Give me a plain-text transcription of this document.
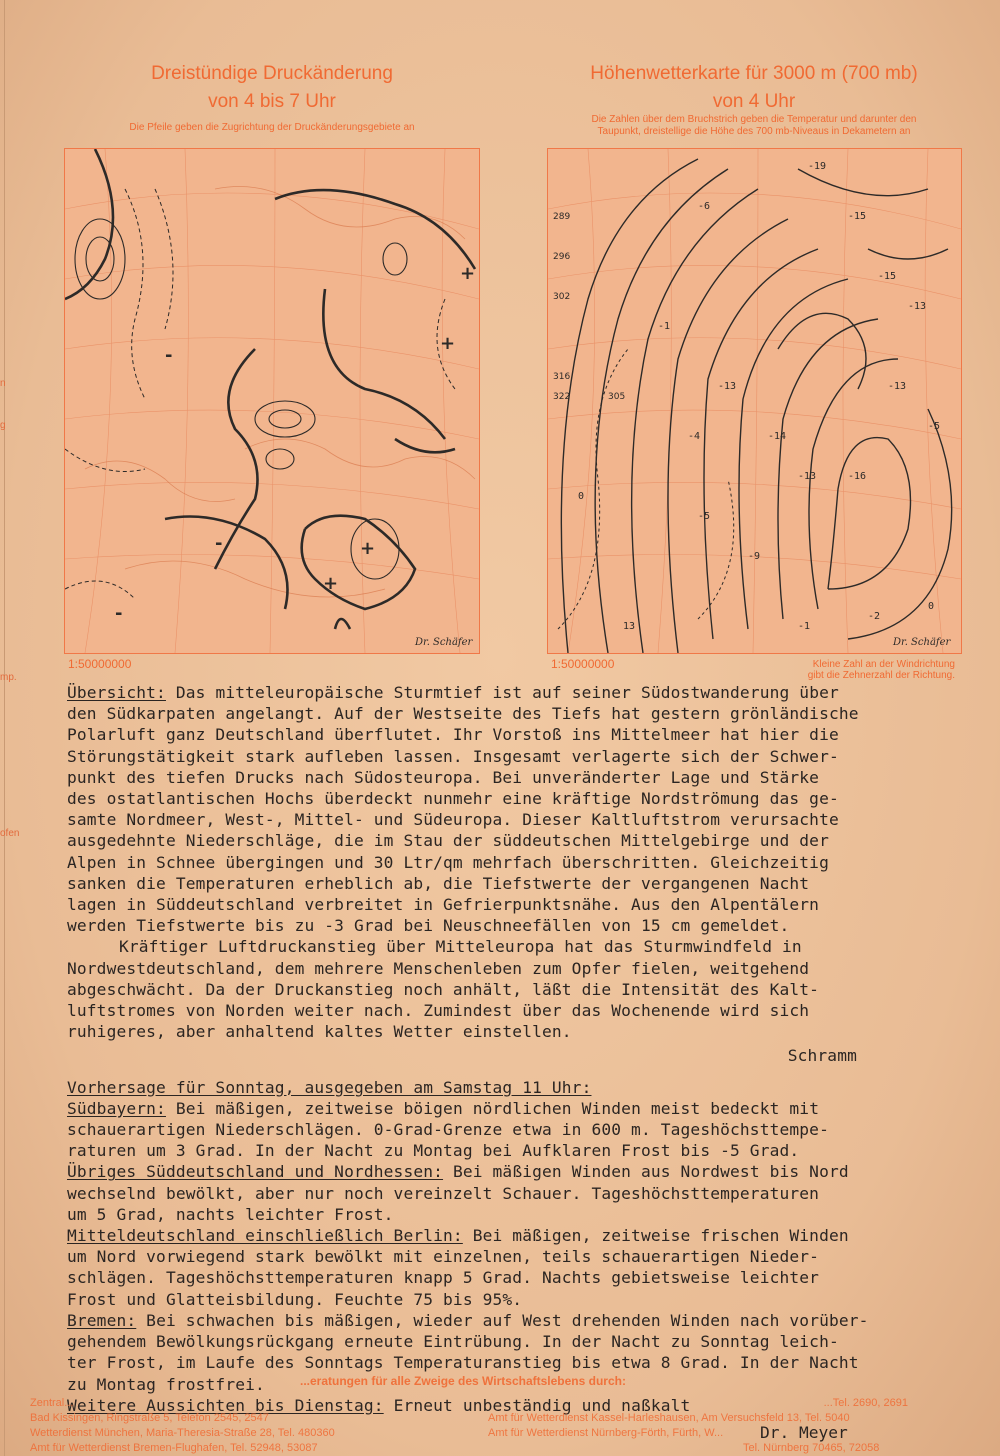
n
g
mp.
ofen
Dreistündige Druckänderung
von 4 bis 7 Uhr
Die Pfeile geben die Zugrichtung der Druckänderungsgebiete an
+
-
-
+
+
-
+
Dr. Schäfer
1:50000000
Höhenwetterkarte für 3000 m (700 mb)
von 4 Uhr
Die Zahlen über dem Bruchstrich geben die Temperatur und darunter den
Taupunkt, dreistellige die Höhe des 700 mb-Niveaus in Dekametern an
-19
-15
-15
-13
-6
-1
-13
-14
-13	-16
-13
-5
-5
-9
-1
-2
0
0
13
-4
289
296
302
316
322	305
Dr. Schäfer
1:50000000	Kleine Zahl an der Windrichtung
gibt die Zehnerzahl der Richtung.
Übersicht: Das mitteleuropäische Sturmtief ist auf seiner Südostwanderung über
den Südkarpaten angelangt. Auf der Westseite des Tiefs hat gestern grönländische
Polarluft ganz Deutschland überflutet. Ihr Vorstoß ins Mittelmeer hat hier die
Störungstätigkeit stark aufleben lassen. Insgesamt verlagerte sich der Schwer-
punkt des tiefen Drucks nach Südosteuropa. Bei unveränderter Lage und Stärke
des ostatlantischen Hochs überdeckt nunmehr eine kräftige Nordströmung das ge-
samte Nordmeer, West-, Mittel- und Südeuropa. Dieser Kaltluftstrom verursachte
ausgedehnte Niederschläge, die im Stau der süddeutschen Mittelgebirge und der
Alpen in Schnee übergingen und 30 Ltr/qm mehrfach überschritten. Gleichzeitig
sanken die Temperaturen erheblich ab, die Tiefstwerte der vergangenen Nacht
lagen in Süddeutschland verbreitet in Gefrierpunktsnähe. Aus den Alpentälern
werden Tiefstwerte bis zu -3 Grad bei Neuschneefällen von 15 cm gemeldet.
Kräftiger Luftdruckanstieg über Mitteleuropa hat das Sturmwindfeld in
Nordwestdeutschland, dem mehrere Menschenleben zum Opfer fielen, weitgehend
abgeschwächt. Da der Druckanstieg noch anhält, läßt die Intensität des Kalt-
luftstromes von Norden weiter nach. Zumindest über das Wochenende wird sich
ruhigeres, aber anhaltend kaltes Wetter einstellen.
Schramm
Vorhersage für Sonntag, ausgegeben am Samstag 11 Uhr:
Südbayern: Bei mäßigen, zeitweise böigen nördlichen Winden meist bedeckt mit
schauerartigen Niederschlägen. 0-Grad-Grenze etwa in 600 m. Tageshöchsttempe-
raturen um 3 Grad. In der Nacht zu Montag bei Aufklaren Frost bis -5 Grad.
Übriges Süddeutschland und Nordhessen: Bei mäßigen Winden aus Nordwest bis Nord
wechselnd bewölkt, aber nur noch vereinzelt Schauer. Tageshöchsttemperaturen
um 5 Grad, nachts leichter Frost.
Mitteldeutschland einschließlich Berlin: Bei mäßigen, zeitweise frischen Winden
um Nord vorwiegend stark bewölkt mit einzelnen, teils schauerartigen Nieder-
schlägen. Tageshöchsttemperaturen knapp 5 Grad. Nachts gebietsweise leichter
Frost und Glatteisbildung. Feuchte 75 bis 95%.
Bremen: Bei schwachen bis mäßigen, wieder auf West drehenden Winden nach vorüber-
gehendem Bewölkungsrückgang erneute Eintrübung. In der Nacht zu Sonntag leich-
ter Frost, im Laufe des Sonntags Temperaturanstieg bis etwa 8 Grad. In der Nacht
zu Montag frostfrei.
Weitere Aussichten bis Dienstag: Erneut unbeständig und naßkalt
...eratungen für alle Zweige des Wirtschaftslebens durch:
Zentral...
Bad Kissingen, Ringstraße 5, Telefon 2545, 2547
Wetterdienst München, Maria-Theresia-Straße 28, Tel. 480360
Amt für Wetterdienst Bremen-Flughafen, Tel. 52948, 53087
...Tel. 2690, 2691
Amt für Wetterdienst Kassel-Harleshausen, Am Versuchsfeld 13, Tel. 5040
Amt für Wetterdienst Nürnberg-Förth, Fürth, W...
Tel. Nürnberg 70465, 72058
Dr. Meyer
